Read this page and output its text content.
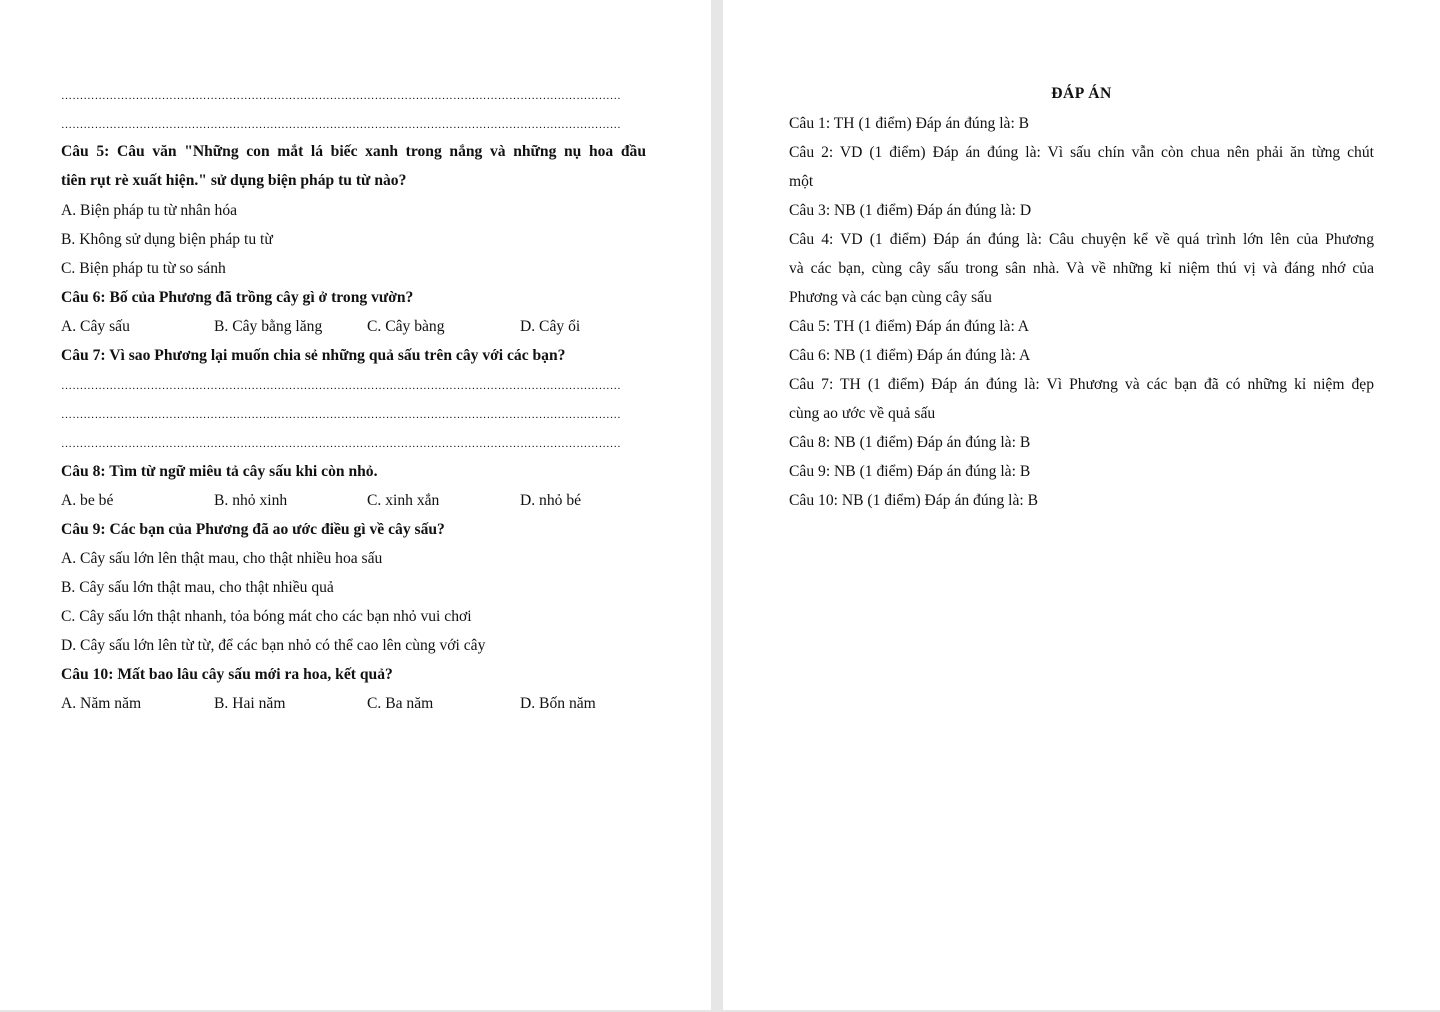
……………………………………………………………………………………………………………………………………
……………………………………………………………………………………………………………………………………
Câu 5: Câu văn "Những con mắt lá biếc xanh trong nắng và những nụ hoa đầu
tiên rụt rè xuất hiện." sử dụng biện pháp tu từ nào?
A. Biện pháp tu từ nhân hóa
B. Không sử dụng biện pháp tu từ
C. Biện pháp tu từ so sánh
Câu 6: Bố của Phương đã trồng cây gì ở trong vườn?
A. Cây sấu	B. Cây bằng lăng	C. Cây bàng	D. Cây ổi
Câu 7: Vì sao Phương lại muốn chia sẻ những quả sấu trên cây với các bạn?
……………………………………………………………………………………………………………………………………
……………………………………………………………………………………………………………………………………
……………………………………………………………………………………………………………………………………
Câu 8: Tìm từ ngữ miêu tả cây sấu khi còn nhỏ.
A. be bé	B. nhỏ xinh	C. xinh xắn	D. nhỏ bé
Câu 9: Các bạn của Phương đã ao ước điều gì về cây sấu?
A. Cây sấu lớn lên thật mau, cho thật nhiều hoa sấu
B. Cây sấu lớn thật mau, cho thật nhiều quả
C. Cây sấu lớn thật nhanh, tỏa bóng mát cho các bạn nhỏ vui chơi
D. Cây sấu lớn lên từ từ, để các bạn nhỏ có thể cao lên cùng với cây
Câu 10: Mất bao lâu cây sấu mới ra hoa, kết quả?
A. Năm năm	B. Hai năm	C. Ba năm	D. Bốn năm
ĐÁP ÁN
Câu 1: TH (1 điểm) Đáp án đúng là: B
Câu 2: VD (1 điểm) Đáp án đúng là: Vì sấu chín vẫn còn chua nên phải ăn từng chút
một
Câu 3: NB (1 điểm) Đáp án đúng là: D
Câu 4: VD (1 điểm) Đáp án đúng là: Câu chuyện kể về quá trình lớn lên của Phương
và các bạn, cùng cây sấu trong sân nhà. Và về những kỉ niệm thú vị và đáng nhớ của
Phương và các bạn cùng cây sấu
Câu 5: TH (1 điểm) Đáp án đúng là: A
Câu 6: NB (1 điểm) Đáp án đúng là: A
Câu 7: TH (1 điểm) Đáp án đúng là: Vì Phương và các bạn đã có những kỉ niệm đẹp
cùng ao ước về quả sấu
Câu 8: NB (1 điểm) Đáp án đúng là: B
Câu 9: NB (1 điểm) Đáp án đúng là: B
Câu 10: NB (1 điểm) Đáp án đúng là: B
